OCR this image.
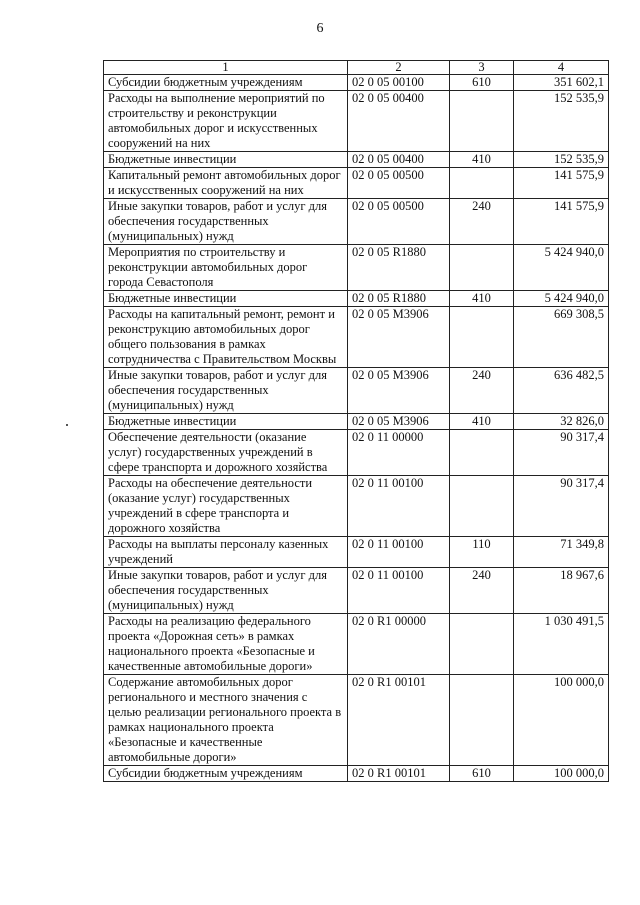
6
1	2	3	4
Субсидии бюджетным учреждениям	02 0 05 00100	610	351 602,1
Расходы на выполнение мероприятий по строительству и реконструкции автомобильных дорог и искусственных сооружений на них	02 0 05 00400		152 535,9
Бюджетные инвестиции	02 0 05 00400	410	152 535,9
Капитальный ремонт автомобильных дорог и искусственных сооружений на них	02 0 05 00500		141 575,9
Иные закупки товаров, работ и услуг для обеспечения государственных (муниципальных) нужд	02 0 05 00500	240	141 575,9
Мероприятия по строительству и реконструкции автомобильных дорог города Севастополя	02 0 05 R1880		5 424 940,0
Бюджетные инвестиции	02 0 05 R1880	410	5 424 940,0
Расходы на капитальный ремонт, ремонт и реконструкцию автомобильных дорог общего пользования в рамках сотрудничества с Правительством Москвы	02 0 05 M3906		669 308,5
Иные закупки товаров, работ и услуг для обеспечения государственных (муниципальных) нужд	02 0 05 M3906	240	636 482,5
Бюджетные инвестиции	02 0 05 M3906	410	32 826,0
Обеспечение деятельности (оказание услуг) государственных учреждений в сфере транспорта и дорожного хозяйства	02 0 11 00000		90 317,4
Расходы на обеспечение деятельности (оказание услуг) государственных учреждений в сфере транспорта и дорожного хозяйства	02 0 11 00100		90 317,4
Расходы на выплаты персоналу казенных учреждений	02 0 11 00100	110	71 349,8
Иные закупки товаров, работ и услуг для обеспечения государственных (муниципальных) нужд	02 0 11 00100	240	18 967,6
Расходы на реализацию федерального проекта «Дорожная сеть» в рамках национального проекта «Безопасные и качественные автомобильные дороги»	02 0 R1 00000		1 030 491,5
Содержание автомобильных дорог регионального и местного значения с целью реализации регионального проекта в рамках национального проекта «Безопасные и качественные автомобильные дороги»	02 0 R1 00101		100 000,0
Субсидии бюджетным учреждениям	02 0 R1 00101	610	100 000,0
